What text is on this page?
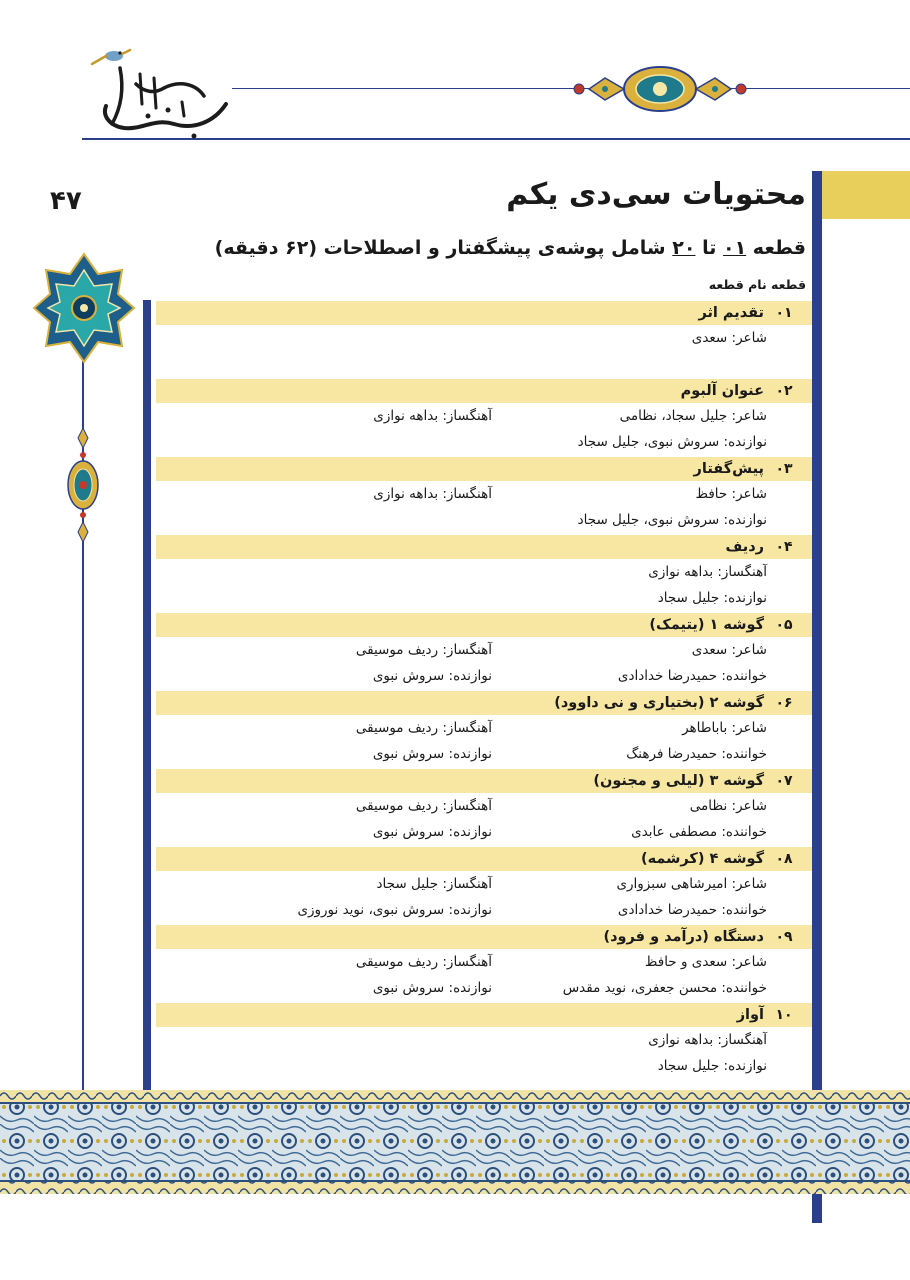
۴۷	محتویات سی‌دی یکم
قطعه ۰۱ تا ۲۰ شامل پوشه‌ی پیشگفتار و اصطلاحات (۶۲ دقیقه)
قطعه نام قطعه
۰۱
تقدیم اثر
شاعر: سعدی
۰۲
عنوان آلبوم
شاعر: جلیل سجاد، نظامی
نوازنده: سروش نبوی، جلیل سجاد
آهنگساز: بداهه نوازی
۰۳
پیش‌گفتار
شاعر: حافظ
نوازنده: سروش نبوی، جلیل سجاد
آهنگساز: بداهه نوازی
۰۴
ردیف
آهنگساز: بداهه نوازی
نوازنده: جلیل سجاد
۰۵
گوشه ۱ (یتیمک)
شاعر: سعدی
خواننده: حمیدرضا خدادادی
آهنگساز: ردیف موسیقی
نوازنده: سروش نبوی
۰۶
گوشه ۲ (بختیاری و نی داوود)
شاعر: باباطاهر
خواننده: حمیدرضا فرهنگ
آهنگساز: ردیف موسیقی
نوازنده: سروش نبوی
۰۷
گوشه ۳ (لیلی و مجنون)
شاعر: نظامی
خواننده: مصطفی عابدی
آهنگساز: ردیف موسیقی
نوازنده: سروش نبوی
۰۸
گوشه ۴ (کرشمه)
شاعر: امیرشاهی سبزواری
خواننده: حمیدرضا خدادادی
آهنگساز: جلیل سجاد
نوازنده: سروش نبوی، نوید نوروزی
۰۹
دستگاه (درآمد و فرود)
شاعر: سعدی و حافظ
خواننده: محسن جعفری، نوید مقدس
آهنگساز: ردیف موسیقی
نوازنده: سروش نبوی
۱۰
آواز
آهنگساز: بداهه نوازی
نوازنده: جلیل سجاد
